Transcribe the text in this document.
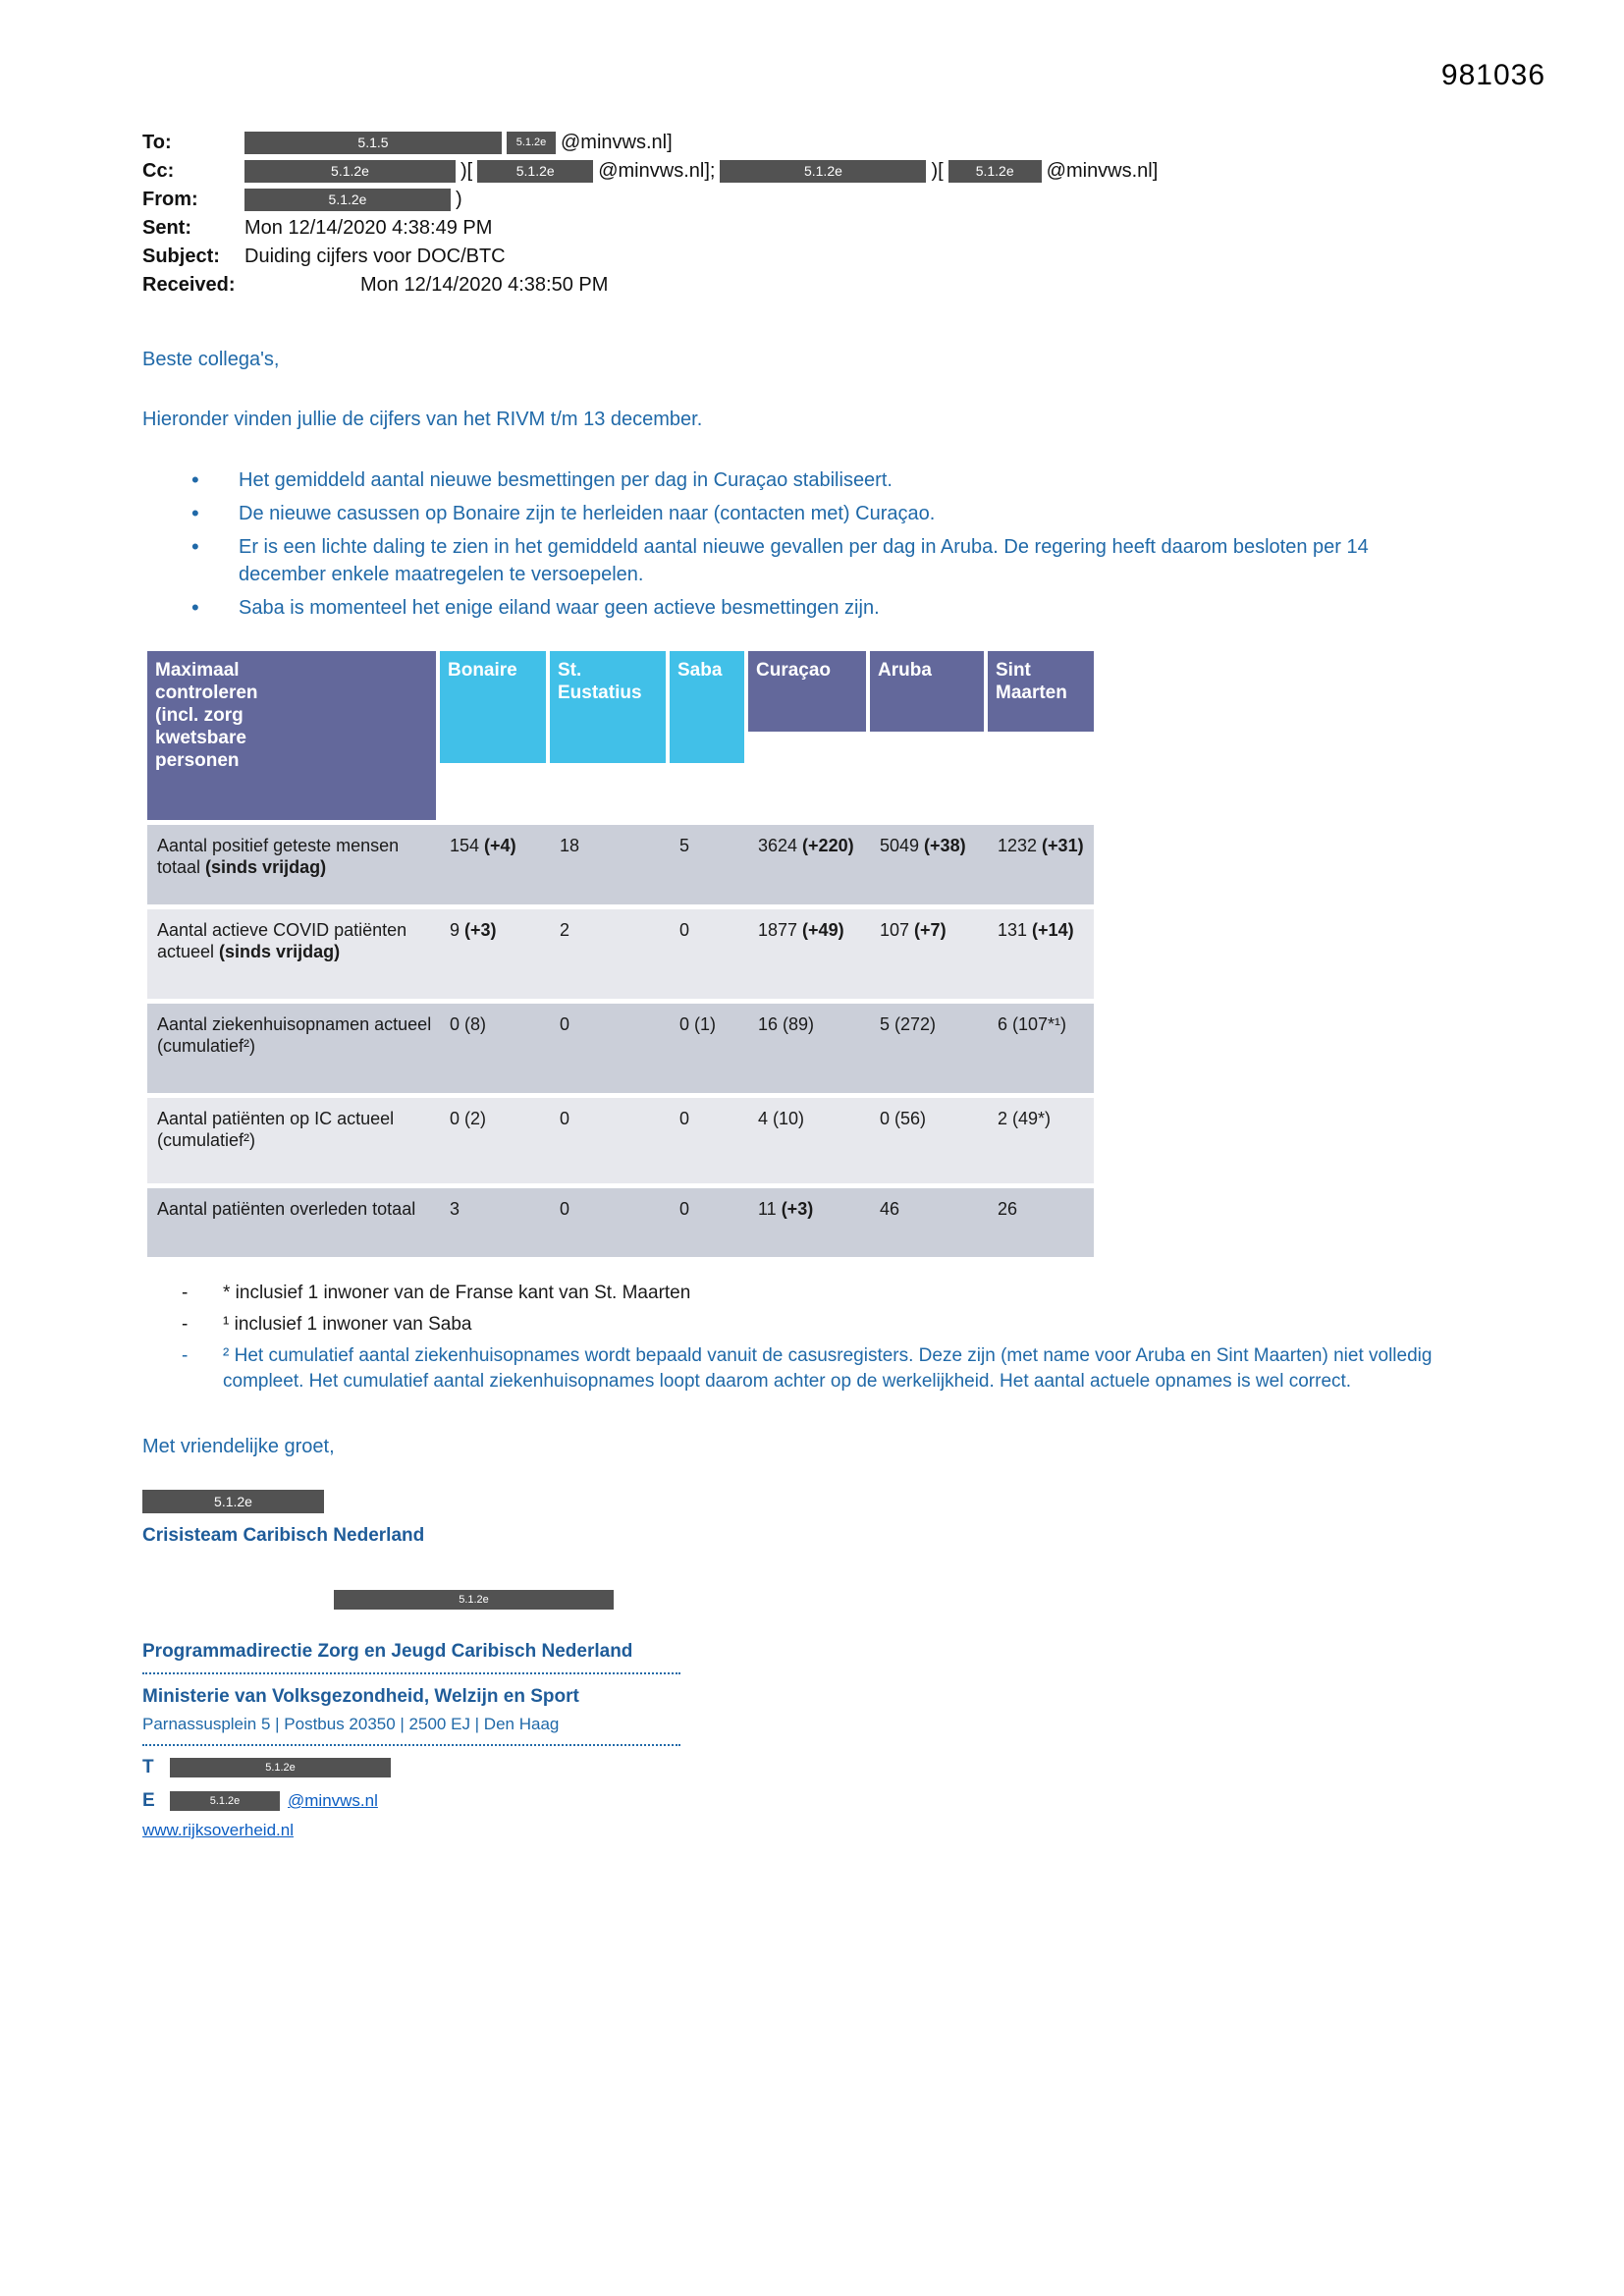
981036
To:	5.1.5	5.1.2e @minvws.nl]
Cc:	5.1.2e	)[	5.1.2e	@minvws.nl];	5.1.2e	)[	5.1.2e	@minvws.nl]
From:	5.1.2e	)
Sent:	Mon 12/14/2020 4:38:49 PM
Subject:	Duiding cijfers voor DOC/BTC
Received:	Mon 12/14/2020 4:38:50 PM
Beste collega's,
Hieronder vinden jullie de cijfers van het RIVM t/m 13 december.
• Het gemiddeld aantal nieuwe besmettingen per dag in Curaçao stabiliseert.
• De nieuwe casussen op Bonaire zijn te herleiden naar (contacten met) Curaçao.
• Er is een lichte daling te zien in het gemiddeld aantal nieuwe gevallen per dag in Aruba. De regering heeft daarom besloten per 14 december enkele maatregelen te versoepelen.
• Saba is momenteel het enige eiland waar geen actieve besmettingen zijn.
Maximaal controleren (incl. zorg kwetsbare personen	Bonaire	St. Eustatius	Saba	Curaçao	Aruba	Sint Maarten

Aantal positief geteste mensen totaal (sinds vrijdag)	154 (+4)	18	5	3624 (+220)	5049 (+38)	1232 (+31)
Aantal actieve COVID patiënten actueel (sinds vrijdag)	9 (+3)	2	0	1877 (+49)	107 (+7)	131 (+14)
Aantal ziekenhuisopnamen actueel (cumulatief²)	0 (8)	0	0 (1)	16 (89)	5 (272)	6 (107*¹)
Aantal patiënten op IC actueel (cumulatief²)	0 (2)	0	0	4 (10)	0 (56)	2 (49*)
Aantal patiënten overleden totaal	3	0	0	11 (+3)	46	26
-	* inclusief 1 inwoner van de Franse kant van St. Maarten
-	¹ inclusief 1 inwoner van Saba
-	² Het cumulatief aantal ziekenhuisopnames wordt bepaald vanuit de casusregisters. Deze zijn (met name voor Aruba en Sint Maarten) niet volledig compleet. Het cumulatief aantal ziekenhuisopnames loopt daarom achter op de werkelijkheid. Het aantal actuele opnames is wel correct.
Met vriendelijke groet,
5.1.2e
Crisisteam Caribisch Nederland
5.1.2e
Programmadirectie Zorg en Jeugd Caribisch Nederland
Ministerie van Volksgezondheid, Welzijn en Sport
Parnassusplein 5 | Postbus 20350 | 2500 EJ | Den Haag
T	5.1.2e
E	5.1.2e	@minvws.nl
www.rijksoverheid.nl
